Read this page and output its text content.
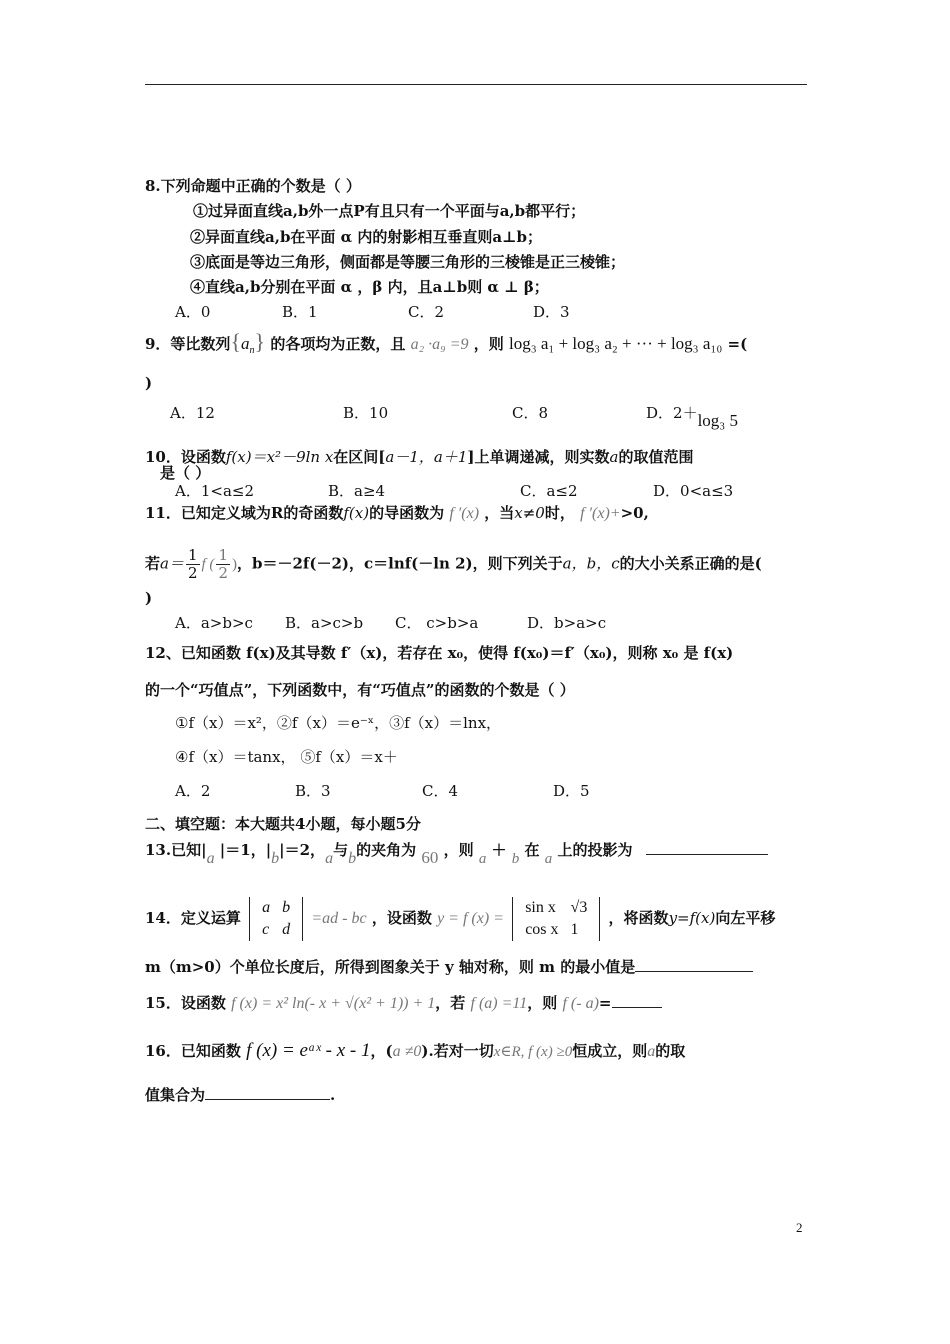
8.下列命题中正确的个数是（ ）
①过异面直线a,b外一点P有且只有一个平面与a,b都平行；
②异面直线a,b在平面 α 内的射影相互垂直则a⊥b；
③底面是等边三角形，侧面都是等腰三角形的三棱锥是正三棱锥；
④直线a,b分别在平面 α ，β 内，且a⊥b则 α ⊥ β；
A．0	B．1	C．2	D．3
9．等比数列$\{a_n\}$ 的各项均为正数，且 a₂ ·a₉ =9 ，则 log₃ a₁ + log₃ a₂ + ··· + log₃ a₁₀ =(
)
A．12	B．10	C．8	D．2＋log₃ 5
10．设函数f(x)＝x²－9ln x在区间[a－1，a＋1]上单调递减，则实数a的取值范围
是（ ）
A．1<a≤2	B．a≥4	C．a≤2	D．0<a≤3
11．已知定义域为R的奇函数f(x)的导函数为 f ′(x) ，当x≠0时， f ′(x)+>0,
若$a= \frac{1}{2}$ f ( $\frac{1}{2}$ )，b＝－2f(－2)，c＝lnf(－ln 2)，则下列关于a，b，c的大小关系正确的是(
)
A．a>b>c B．a>c>b C． c>b>a	D．b>a>c
12、已知函数 f(x)及其导数 f′（x)，若存在 x₀，使得 f(x₀)＝f′（x₀)，则称 x₀ 是 f(x)
的一个“巧值点”，下列函数中，有“巧值点”的函数的个数是（ ）
①f（x）＝x²，②f（x）＝e⁻ˣ，③f（x）＝lnx，
④f（x）＝tanx， ⑤f（x）＝x＋
A．2	B．3	C．4	D．5
二、填空题：本大题共4小题，每小题5分
13.已知|a |＝1，|b|＝2，a与b的夹角为 60 ，则 a ＋ b 在 a 上的投影为
14．定义运算
a	b
c	d
=ad - bc ，设函数 y = f (x) =
sin x	√3
cos x	1
，将函数y=f(x)向左平移
m（m>0）个单位长度后，所得到图象关于 y 轴对称，则 m 的最小值是
15．设函数 f (x) = x² ln(- x + √(x² + 1)) + 1，若 f (a) =11，则 f (- a)=
16．已知函数 f (x) = eᵃˣ - x - 1，(a ≠0).若对一切x∈R, f (x) ≥0恒成立，则a的取
值集合为	.
2
